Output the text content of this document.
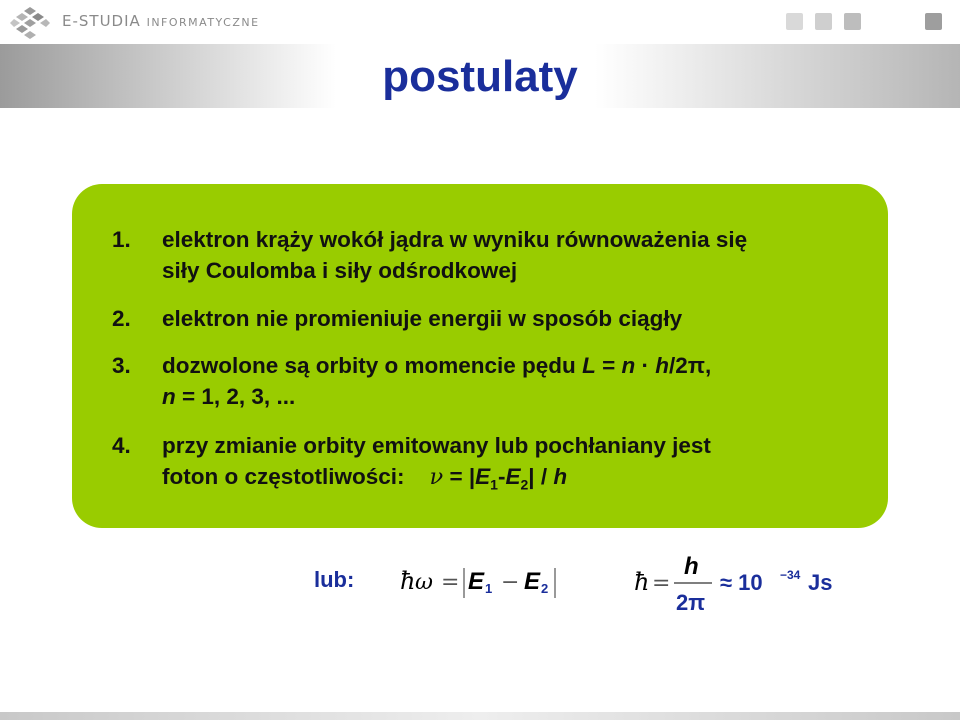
E-STUDIA INFORMATYCZNE
postulaty
1.	elektron krąży wokół jądra w wyniku równoważenia się
siły Coulomba i siły odśrodkowej
2.	elektron nie promieniuje energii w sposób ciągły
3.	dozwolone są orbity o momencie pędu L = n · h/2π,
n = 1, 2, 3, ...
4.	przy zmianie orbity emitowany lub pochłaniany jest
foton o częstotliwości: $\nu = |E_1-E_2| / h$
lub: ħ ω = E 1 − E 2	ħ =
h
2π
≈ 10 −34 Js
